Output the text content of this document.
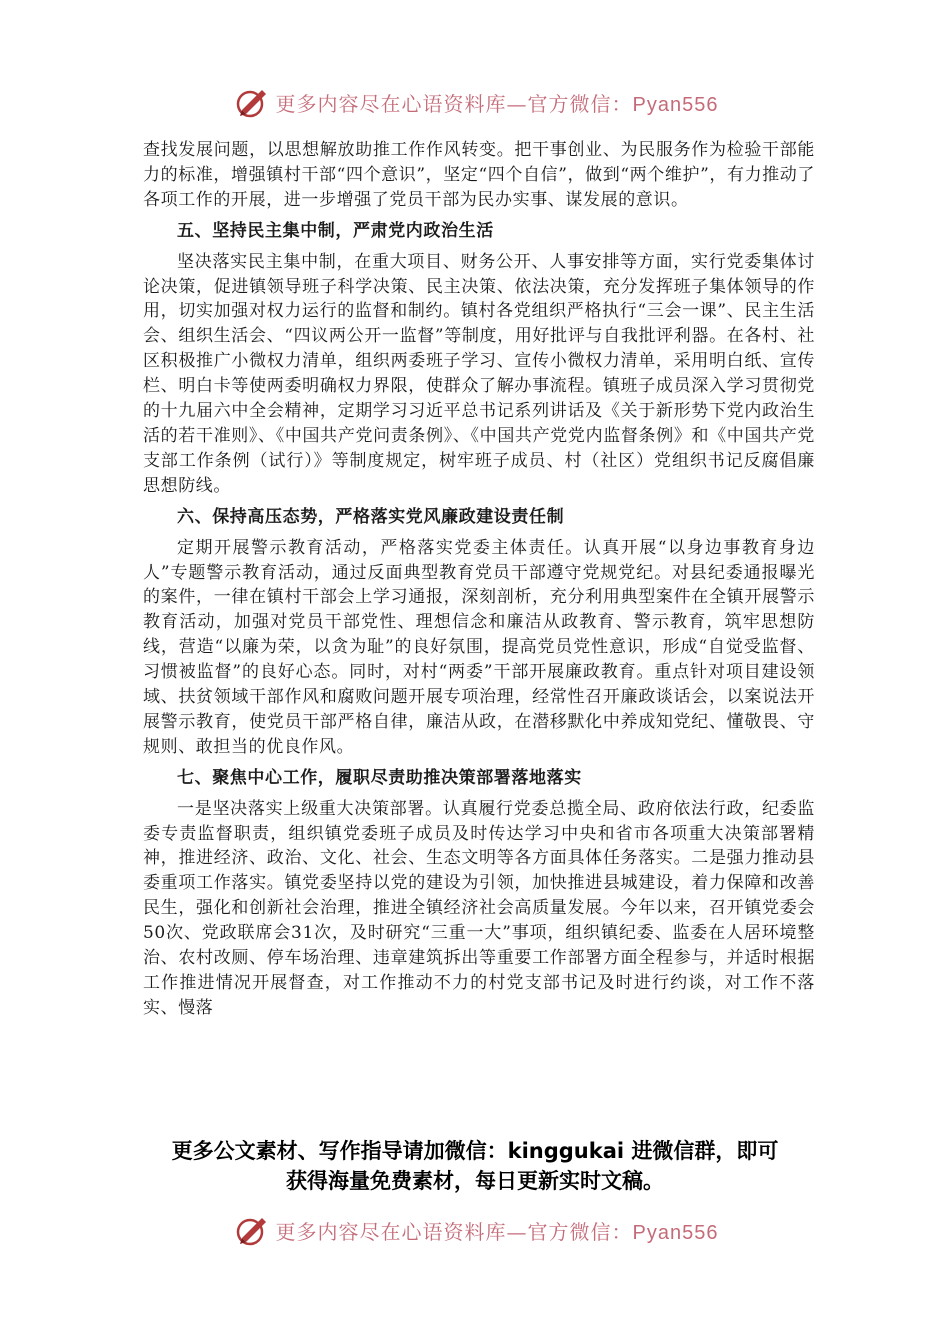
更多内容尽在心语资料库—官方微信：Pyan556

查找发展问题，以思想解放助推工作作风转变。把干事创业、为民服务作为检验干部能力的标准，增强镇村干部“四个意识”，坚定“四个自信”，做到“两个维护”，有力推动了各项工作的开展，进一步增强了党员干部为民办实事、谋发展的意识。

五、坚持民主集中制，严肃党内政治生活

坚决落实民主集中制，在重大项目、财务公开、人事安排等方面，实行党委集体讨论决策，促进镇领导班子科学决策、民主决策、依法决策，充分发挥班子集体领导的作用，切实加强对权力运行的监督和制约。镇村各党组织严格执行“三会一课”、民主生活会、组织生活会、“四议两公开一监督”等制度，用好批评与自我批评利器。在各村、社区积极推广小微权力清单，组织两委班子学习、宣传小微权力清单，采用明白纸、宣传栏、明白卡等使两委明确权力界限，使群众了解办事流程。镇班子成员深入学习贯彻党的十九届六中全会精神，定期学习习近平总书记系列讲话及《关于新形势下党内政治生活的若干准则》、《中国共产党问责条例》、《中国共产党党内监督条例》和《中国共产党支部工作条例（试行）》等制度规定，树牢班子成员、村（社区）党组织书记反腐倡廉思想防线。

六、保持高压态势，严格落实党风廉政建设责任制

定期开展警示教育活动，严格落实党委主体责任。认真开展“以身边事教育身边人”专题警示教育活动，通过反面典型教育党员干部遵守党规党纪。对县纪委通报曝光的案件，一律在镇村干部会上学习通报，深刻剖析，充分利用典型案件在全镇开展警示教育活动，加强对党员干部党性、理想信念和廉洁从政教育、警示教育，筑牢思想防线，营造“以廉为荣，以贪为耻”的良好氛围，提高党员党性意识，形成“自觉受监督、习惯被监督”的良好心态。同时，对村“两委”干部开展廉政教育。重点针对项目建设领域、扶贫领域干部作风和腐败问题开展专项治理，经常性召开廉政谈话会，以案说法开展警示教育，使党员干部严格自律，廉洁从政，在潜移默化中养成知党纪、懂敬畏、守规则、敢担当的优良作风。

七、聚焦中心工作，履职尽责助推决策部署落地落实

一是坚决落实上级重大决策部署。认真履行党委总揽全局、政府依法行政，纪委监委专责监督职责，组织镇党委班子成员及时传达学习中央和省市各项重大决策部署精神，推进经济、政治、文化、社会、生态文明等各方面具体任务落实。二是强力推动县委重项工作落实。镇党委坚持以党的建设为引领，加快推进县城建设，着力保障和改善民生，强化和创新社会治理，推进全镇经济社会高质量发展。今年以来，召开镇党委会50次、党政联席会31次，及时研究“三重一大”事项，组织镇纪委、监委在人居环境整治、农村改厕、停车场治理、违章建筑拆出等重要工作部署方面全程参与，并适时根据工作推进情况开展督查，对工作推动不力的村党支部书记及时进行约谈，对工作不落实、慢落

更多公文素材、写作指导请加微信：kinggukai 进微信群，即可
获得海量免费素材，每日更新实时文稿。
更多内容尽在心语资料库—官方微信：Pyan556
